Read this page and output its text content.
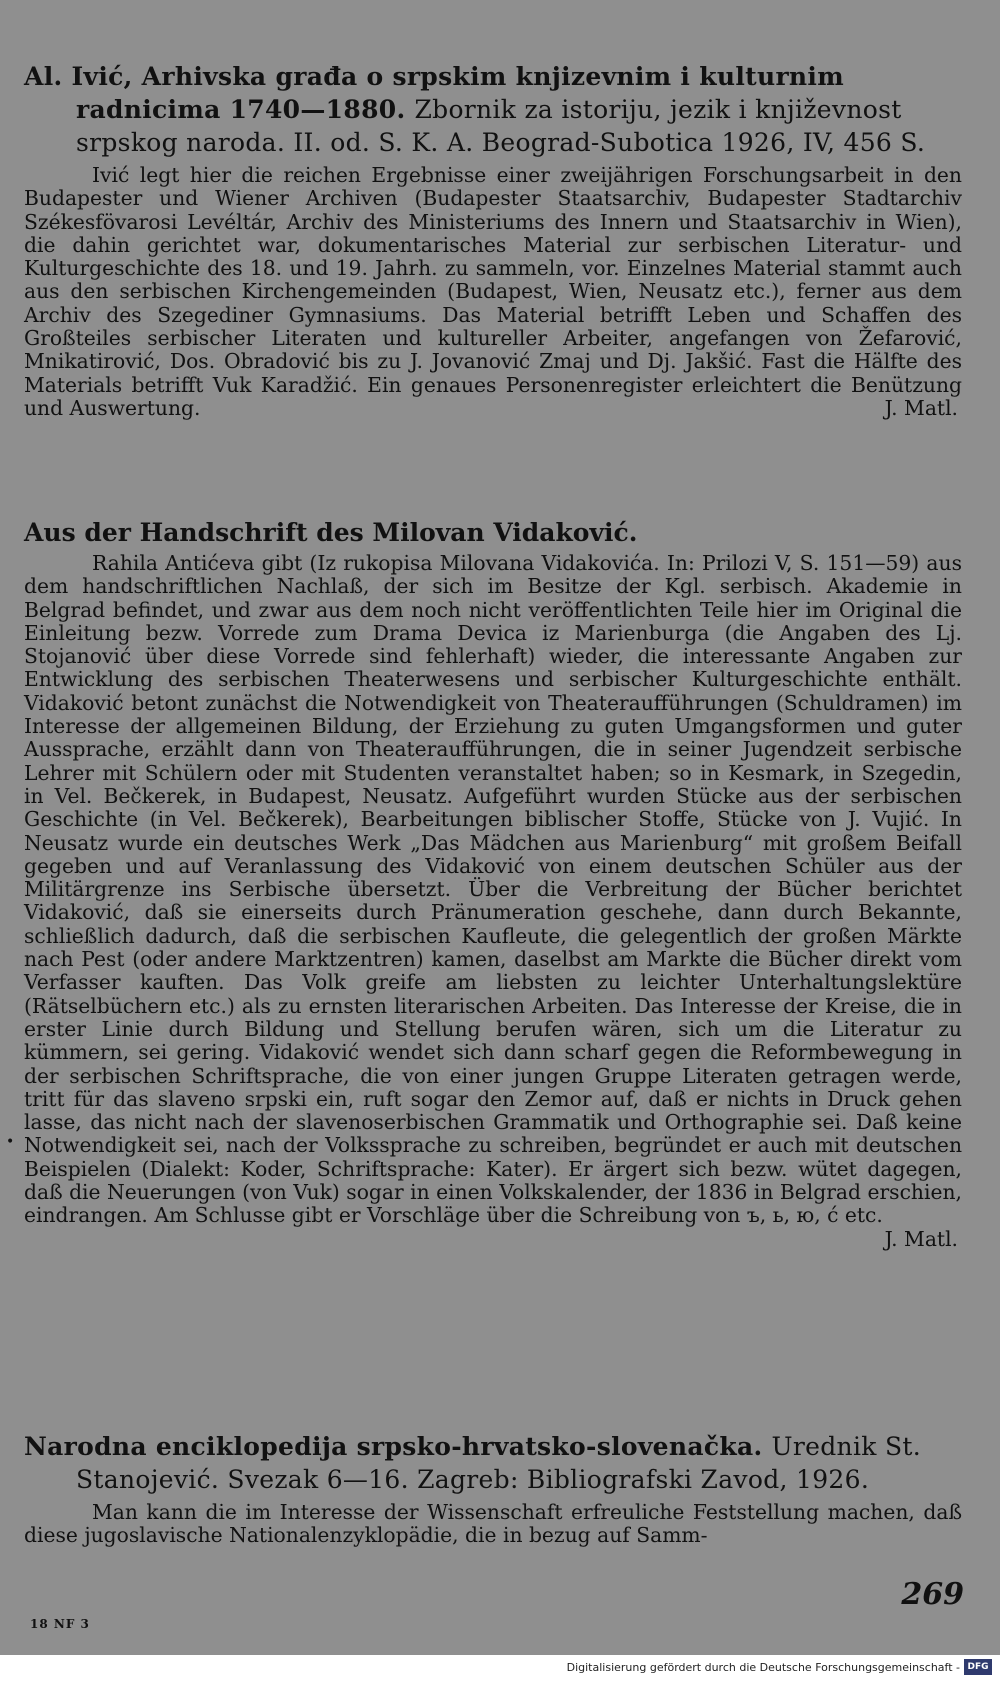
Al. Ivić, Arhivska građa o srpskim knjizevnim i kulturnim radnicima 1740—1880. Zbornik za istoriju, jezik i književnost srpskog naroda. II. od. S. K. A. Beograd-Subotica 1926, IV, 456 S.

Ivić legt hier die reichen Ergebnisse einer zweijährigen Forschungsarbeit in den Budapester und Wiener Archiven (Budapester Staatsarchiv, Budapester Stadtarchiv Székesfövarosi Levéltár, Archiv des Ministeriums des Innern und Staatsarchiv in Wien), die dahin gerichtet war, dokumentarisches Material zur serbischen Literatur- und Kulturgeschichte des 18. und 19. Jahrh. zu sammeln, vor. Einzelnes Material stammt auch aus den serbischen Kirchengemeinden (Budapest, Wien, Neusatz etc.), ferner aus dem Archiv des Szegediner Gymnasiums. Das Material betrifft Leben und Schaffen des Großteiles serbischer Literaten und kultureller Arbeiter, angefangen von Žefarović, Mnikatirović, Dos. Obradović bis zu J. Jovanović Zmaj und Dj. Jakšić. Fast die Hälfte des Materials betrifft Vuk Karadžić. Ein genaues Personenregister erleichtert die Benützung und Auswertung.	J. Matl.

Aus der Handschrift des Milovan Vidaković.

Rahila Antićeva gibt (Iz rukopisa Milovana Vidakovića. In: Prilozi V, S. 151—59) aus dem handschriftlichen Nachlaß, der sich im Besitze der Kgl. serbisch. Akademie in Belgrad befindet, und zwar aus dem noch nicht veröffentlichten Teile hier im Original die Einleitung bezw. Vorrede zum Drama Devica iz Marienburga (die Angaben des Lj. Stojanović über diese Vorrede sind fehlerhaft) wieder, die interessante Angaben zur Entwicklung des serbischen Theaterwesens und serbischer Kulturgeschichte enthält. Vidaković betont zunächst die Notwendigkeit von Theateraufführungen (Schuldramen) im Interesse der allgemeinen Bildung, der Erziehung zu guten Umgangsformen und guter Aussprache, erzählt dann von Theateraufführungen, die in seiner Jugendzeit serbische Lehrer mit Schülern oder mit Studenten veranstaltet haben; so in Kesmark, in Szegedin, in Vel. Bečkerek, in Budapest, Neusatz. Aufgeführt wurden Stücke aus der serbischen Geschichte (in Vel. Bečkerek), Bearbeitungen biblischer Stoffe, Stücke von J. Vujić. In Neusatz wurde ein deutsches Werk „Das Mädchen aus Marienburg“ mit großem Beifall gegeben und auf Veranlassung des Vidaković von einem deutschen Schüler aus der Militärgrenze ins Serbische übersetzt. Über die Verbreitung der Bücher berichtet Vidaković, daß sie einerseits durch Pränumeration geschehe, dann durch Bekannte, schließlich dadurch, daß die serbischen Kaufleute, die gelegentlich der großen Märkte nach Pest (oder andere Marktzentren) kamen, daselbst am Markte die Bücher direkt vom Verfasser kauften. Das Volk greife am liebsten zu leichter Unterhaltungslektüre (Rätselbüchern etc.) als zu ernsten literarischen Arbeiten. Das Interesse der Kreise, die in erster Linie durch Bildung und Stellung berufen wären, sich um die Literatur zu kümmern, sei gering. Vidaković wendet sich dann scharf gegen die Reformbewegung in der serbischen Schriftsprache, die von einer jungen Gruppe Literaten getragen werde, tritt für das slaveno srpski ein, ruft sogar den Zemor auf, daß er nichts in Druck gehen lasse, das nicht nach der slavenoserbischen Grammatik und Orthographie sei. Daß keine Notwendigkeit sei, nach der Volkssprache zu schreiben, begründet er auch mit deutschen Beispielen (Dialekt: Koder, Schriftsprache: Kater). Er ärgert sich bezw. wütet dagegen, daß die Neuerungen (von Vuk) sogar in einen Volkskalender, der 1836 in Belgrad erschien, eindrangen. Am Schlusse gibt er Vorschläge über die Schreibung von ъ, ь, ю, ć etc.
J. Matl.

•

Narodna enciklopedija srpsko-hrvatsko-slovenačka. Urednik St. Stanojević. Svezak 6—16. Zagreb: Bibliografski Zavod, 1926.

Man kann die im Interesse der Wissenschaft erfreuliche Feststellung machen, daß diese jugoslavische Nationalenzyklopädie, die in bezug auf Samm-

269
18 NF 3
Digitalisierung gefördert durch die Deutsche Forschungsgemeinschaft - DFG
